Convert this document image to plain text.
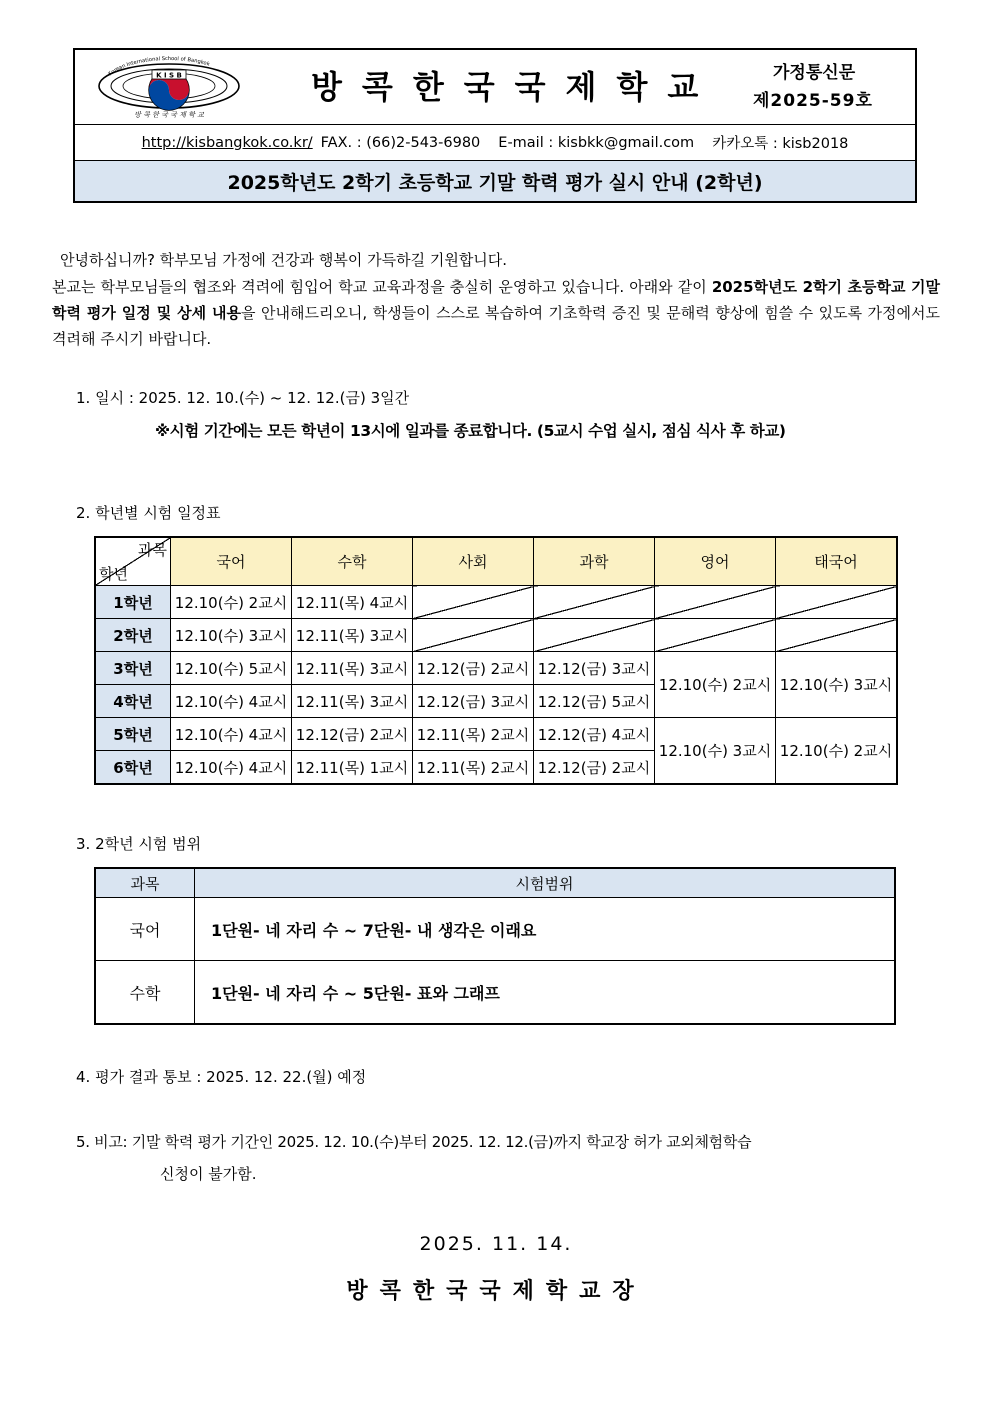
K I S B
Korean International School of Bangkok
방 콕 한 국 국 제 학 교
방콕한국국제학교	가정통신문
제2025-59호
http://kisbangkok.co.kr/ FAX. : (66)2-543-6980 E-mail : kisbkk@gmail.com 카카오톡 : kisb2018
2025학년도 2학기 초등학교 기말 학력 평가 실시 안내 (2학년)
안녕하십니까? 학부모님 가정에 건강과 행복이 가득하길 기원합니다.
본교는 학부모님들의 협조와 격려에 힘입어 학교 교육과정을 충실히 운영하고 있습니다. 아래와 같이 2025학년도 2학기 초등학교 기말 학력 평가 일정 및 상세 내용을 안내해드리오니, 학생들이 스스로 복습하여 기초학력 증진 및 문해력 향상에 힘쓸 수 있도록 가정에서도 격려해 주시기 바랍니다.
1. 일시 : 2025. 12. 10.(수) ~ 12. 12.(금) 3일간
※시험 기간에는 모든 학년이 13시에 일과를 종료합니다. (5교시 수업 실시, 점심 식사 후 하교)
2. 학년별 시험 일정표
과목
학년	국어	수학	사회	과학	영어	태국어
1학년	12.10(수) 2교시	12.11(목) 4교시				
2학년	12.10(수) 3교시	12.11(목) 3교시				
3학년	12.10(수) 5교시	12.11(목) 3교시	12.12(금) 2교시	12.12(금) 3교시	12.10(수) 2교시	12.10(수) 3교시
4학년	12.10(수) 4교시	12.11(목) 3교시	12.12(금) 3교시	12.12(금) 5교시		
5학년	12.10(수) 4교시	12.12(금) 2교시	12.11(목) 2교시	12.12(금) 4교시	12.10(수) 3교시	12.10(수) 2교시
6학년	12.10(수) 4교시	12.11(목) 1교시	12.11(목) 2교시	12.12(금) 2교시		
3. 2학년 시험 범위
과목	시험범위
국어	1단원- 네 자리 수 ~ 7단원- 내 생각은 이래요
수학	1단원- 네 자리 수 ~ 5단원- 표와 그래프
4. 평가 결과 통보 : 2025. 12. 22.(월) 예정
5. 비고: 기말 학력 평가 기간인 2025. 12. 10.(수)부터 2025. 12. 12.(금)까지 학교장 허가 교외체험학습
신청이 불가함.
2025. 11. 14.
방콕한국국제학교장
